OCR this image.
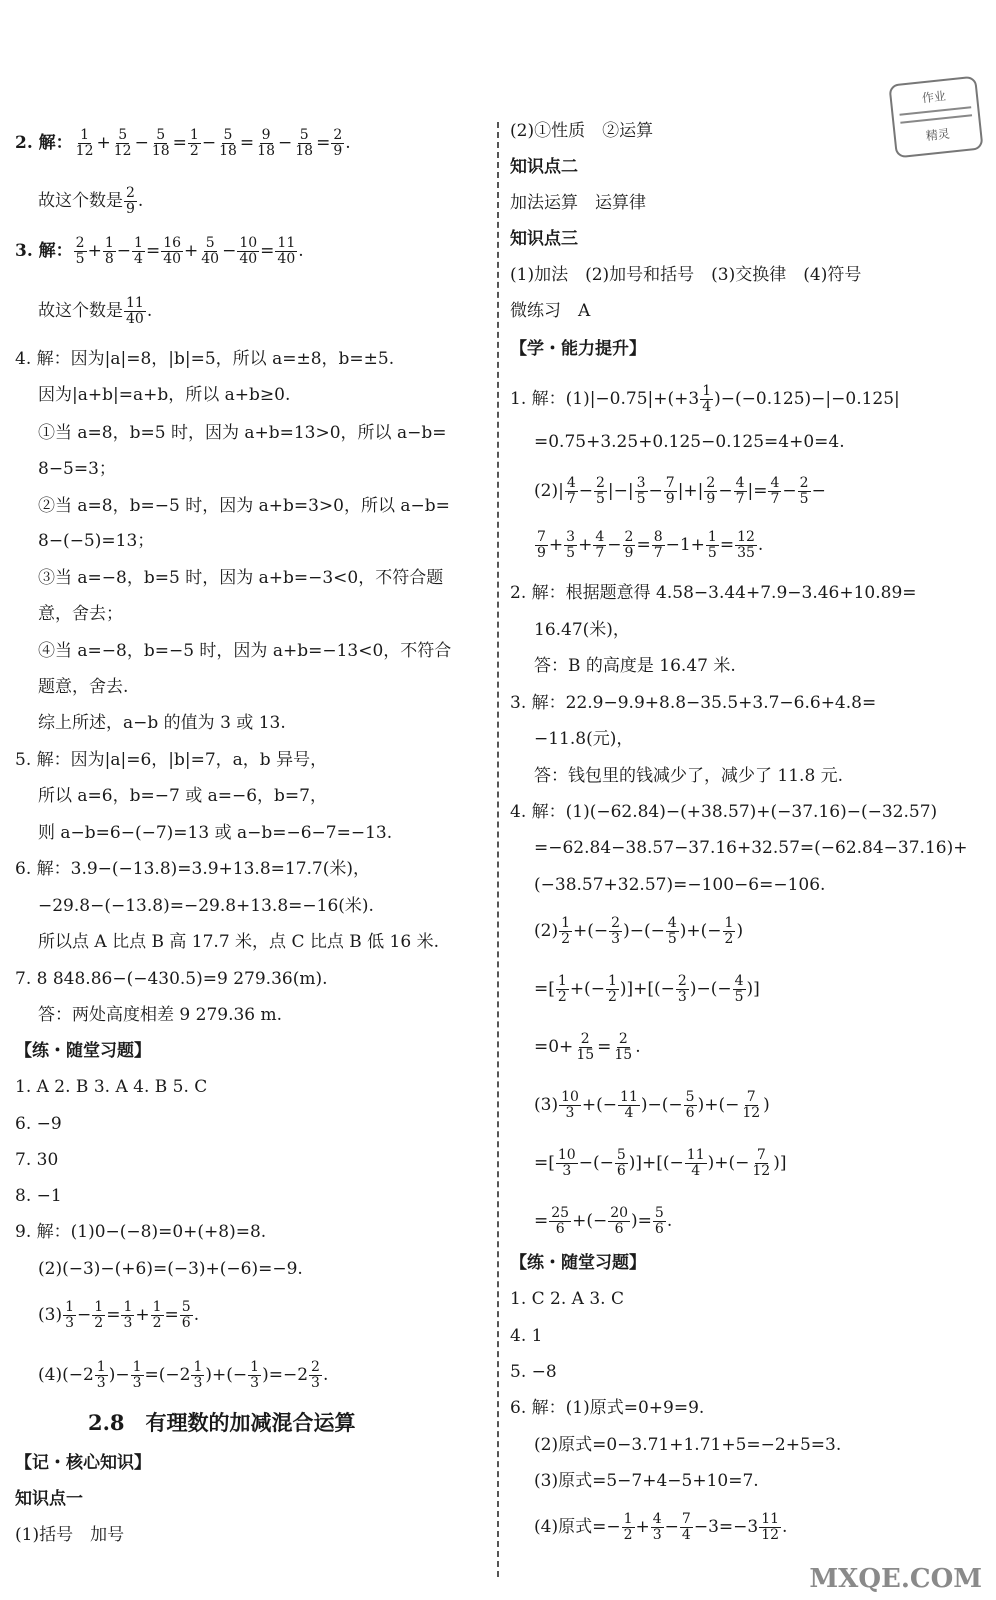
作业
精灵
2. 解： $\frac{1}{12} + \frac{5}{12} - \frac{5}{18} = \frac{1}{2} - \frac{5}{18} = \frac{9}{18} - \frac{5}{18} = \frac{2}{9}$ .
故这个数是 $\frac{2}{9}$ .
3. 解： $\frac{2}{5} + \frac{1}{8} - \frac{1}{4} = \frac{16}{40} + \frac{5}{40} - \frac{10}{40} = \frac{11}{40}$ .
故这个数是 $\frac{11}{40}$ .
4. 解：因为|a|=8，|b|=5，所以 a=±8，b=±5.
因为|a+b|=a+b，所以 a+b≥0.
①当 a=8，b=5 时，因为 a+b=13>0，所以 a−b=
8−5=3；
②当 a=8，b=−5 时，因为 a+b=3>0，所以 a−b=
8−(−5)=13；
③当 a=−8，b=5 时，因为 a+b=−3<0，不符合题
意，舍去；
④当 a=−8，b=−5 时，因为 a+b=−13<0，不符合
题意，舍去.
综上所述，a−b 的值为 3 或 13.
5. 解：因为|a|=6，|b|=7，a，b 异号，
所以 a=6，b=−7 或 a=−6，b=7，
则 a−b=6−(−7)=13 或 a−b=−6−7=−13.
6. 解：3.9−(−13.8)=3.9+13.8=17.7(米)，
−29.8−(−13.8)=−29.8+13.8=−16(米).
所以点 A 比点 B 高 17.7 米，点 C 比点 B 低 16 米.
7. 8 848.86−(−430.5)=9 279.36(m).
答：两处高度相差 9 279.36 m.
【练・随堂习题】
1. A 2. B 3. A 4. B 5. C
6. −9
7. 30
8. −1
9. 解：(1)0−(−8)=0+(+8)=8.
(2)(−3)−(+6)=(−3)+(−6)=−9.
$(3) \frac{1}{3} - \frac{1}{2} = \frac{1}{3} + \frac{1}{2} = \frac{5}{6}$ .
$(4)(-2 \frac{1}{3}$ )− $\frac{1}{3} =(-2 \frac{1}{3}$ )+(− $\frac{1}{3} )=-2 \frac{2}{3}$ .
2.8　有理数的加减混合运算
【记・核心知识】
知识点一
(1)括号　加号
(2)①性质　②运算
知识点二
加法运算　运算律
知识点三
(1)加法　(2)加号和括号　(3)交换律　(4)符号
微练习　A
【学・能力提升】
1. 解：$(1)|-0.75|+(+3 \frac{1}{4} )-(-0.125)-|-0.125|$
=0.75+3.25+0.125−0.125=4+0=4.
$(2)| \frac{4}{7} - \frac{2}{5}$ |−| $\frac{3}{5} - \frac{7}{9}$ |+| $\frac{2}{9} - \frac{4}{7}$ |= $\frac{4}{7} - \frac{2}{5}$ −
$\frac{7}{9} + \frac{3}{5} + \frac{4}{7} - \frac{2}{9} = \frac{8}{7} -1+ \frac{1}{5} = \frac{12}{35}$ .
2. 解：根据题意得 4.58−3.44+7.9−3.46+10.89=
16.47(米)，
答：B 的高度是 16.47 米.
3. 解：22.9−9.9+8.8−35.5+3.7−6.6+4.8=
−11.8(元)，
答：钱包里的钱减少了，减少了 11.8 元.
4. 解：(1)(−62.84)−(+38.57)+(−37.16)−(−32.57)
=−62.84−38.57−37.16+32.57=(−62.84−37.16)+
(−38.57+32.57)=−100−6=−106.
$(2) \frac{1}{2}$ +(− $\frac{2}{3}$ )−(− $\frac{4}{5}$ )+(− $\frac{1}{2}$ )
=[ $\frac{1}{2}$ +(− $\frac{1}{2}$ )]+[(− $\frac{2}{3}$ )−(− $\frac{4}{5}$ )]
$=0+ \frac{2}{15} = \frac{2}{15}$ .
$(3) \frac{10}{3}$ +(− $\frac{11}{4}$ )−(− $\frac{5}{6}$ )+(− $\frac{7}{12}$ )
=[ $\frac{10}{3}$ −(− $\frac{5}{6}$ )]+[(− $\frac{11}{4}$ )+(− $\frac{7}{12}$ )]
= $\frac{25}{6}$ +(− $\frac{20}{6}$ )= $\frac{5}{6}$ .
【练・随堂习题】
1. C 2. A 3. C
4. 1
5. −8
6. 解：(1)原式=0+9=9.
(2)原式=0−3.71+1.71+5=−2+5=3.
(3)原式=5−7+4−5+10=7.
(4)原式=− $\frac{1}{2} + \frac{4}{3} - \frac{7}{4} -3=-3 \frac{11}{12}$ .
MXQE.COM
